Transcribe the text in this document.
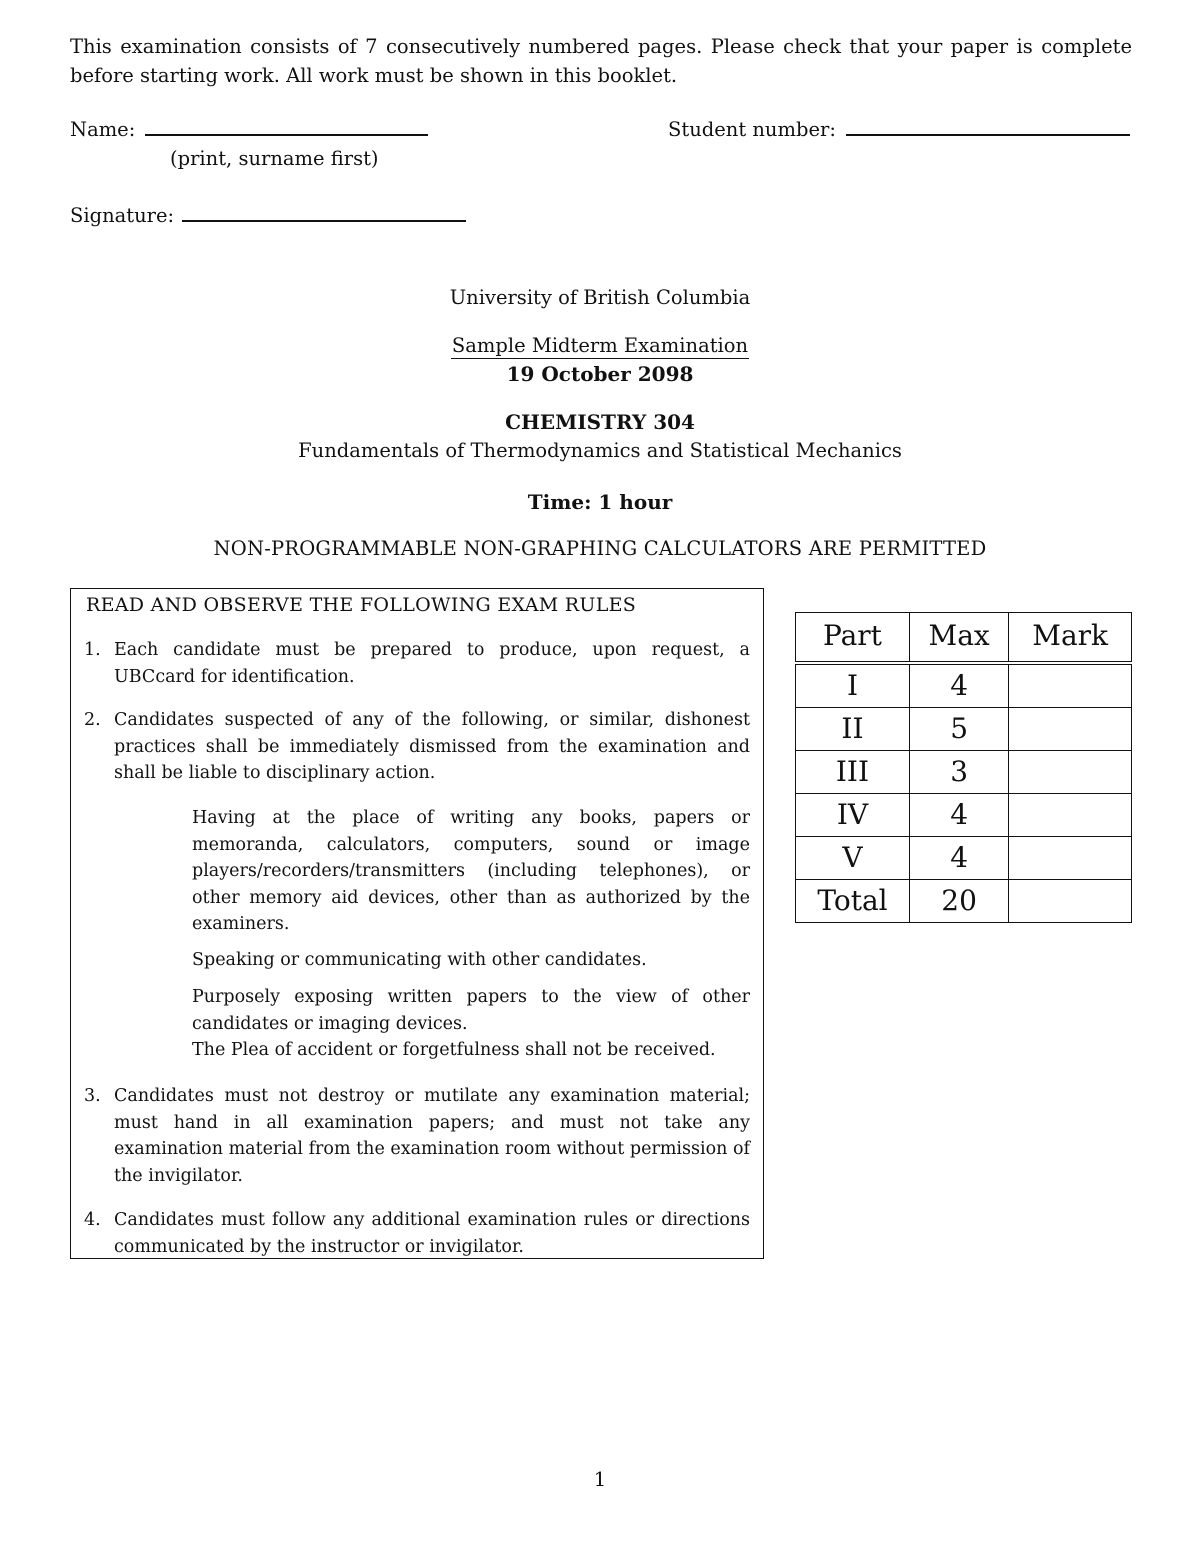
This examination consists of 7 consecutively numbered pages. Please check that your paper is complete before starting work. All work must be shown in this booklet.
Name:
(print, surname first)
Student number:
Signature:
University of British Columbia
Sample Midterm Examination
19 October 2098
CHEMISTRY 304
Fundamentals of Thermodynamics and Statistical Mechanics
Time: 1 hour
NON-PROGRAMMABLE NON-GRAPHING CALCULATORS ARE PERMITTED
READ AND OBSERVE THE FOLLOWING EXAM RULES
1. Each candidate must be prepared to produce, upon request, a UBCcard for identification.
2. Candidates suspected of any of the following, or similar, dishonest practices shall be immediately dismissed from the examination and shall be liable to disciplinary action.
Having at the place of writing any books, papers or memoranda, calculators, computers, sound or image players/recorders/transmitters (including telephones), or other memory aid devices, other than as authorized by the examiners.
Speaking or communicating with other candidates.
Purposely exposing written papers to the view of other candidates or imaging devices.
The Plea of accident or forgetfulness shall not be received.
3. Candidates must not destroy or mutilate any examination material; must hand in all examination papers; and must not take any examination material from the examination room without permission of the invigilator.
4. Candidates must follow any additional examination rules or directions communicated by the instructor or invigilator.
Part	Max	Mark

I	4	
II	5	
III	3	
IV	4	
V	4	
Total	20	
1
